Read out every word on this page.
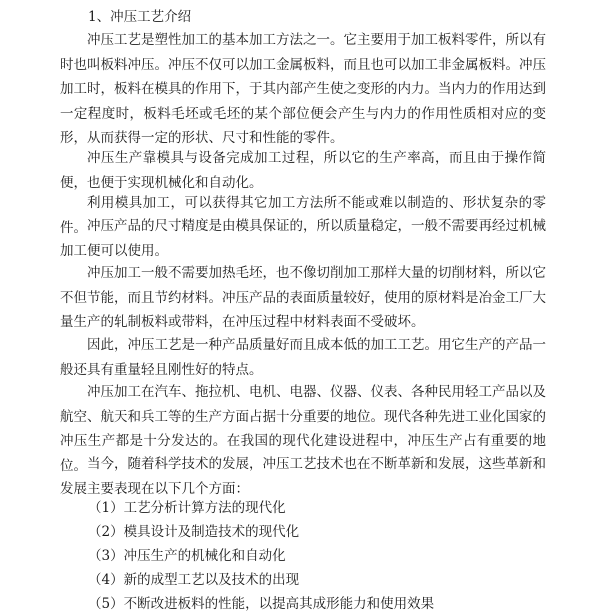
1、冲压工艺介绍

冲压工艺是塑性加工的基本加工方法之一。它主要用于加工板料零件，所以有时也叫板料冲压。冲压不仅可以加工金属板料，而且也可以加工非金属板料。冲压加工时，板料在模具的作用下，于其内部产生使之变形的内力。当内力的作用达到一定程度时，板料毛坯或毛坯的某个部位便会产生与内力的作用性质相对应的变形，从而获得一定的形状、尺寸和性能的零件。

冲压生产靠模具与设备完成加工过程，所以它的生产率高，而且由于操作简便，也便于实现机械化和自动化。

利用模具加工，可以获得其它加工方法所不能或难以制造的、形状复杂的零件。 冲压产品的尺寸精度是由模具保证的，所以质量稳定，一般不需要再经过机械加工便可以使用。

冲压加工一般不需要加热毛坯，也不像切削加工那样大量的切削材料，所以它不但节能，而且节约材料。冲压产品的表面质量较好，使用的原材料是冶金工厂大量生产的轧制板料或带料，在冲压过程中材料表面不受破坏。

因此，冲压工艺是一种产品质量好而且成本低的加工工艺。用它生产的产品一般还具有重量轻且刚性好的特点。

冲压加工在汽车、拖拉机、电机、电器、仪器、仪表、各种民用轻工产品以及航空、航天和兵工等的生产方面占据十分重要的地位。现代各种先进工业化国家的冲压生产都是十分发达的。在我国的现代化建设进程中，冲压生产占有重要的地位。 当今，随着科学技术的发展，冲压工艺技术也在不断革新和发展，这些革新和发展主要表现在以下几个方面：

（1）工艺分析计算方法的现代化
（2）模具设计及制造技术的现代化
（3）冲压生产的机械化和自动化
（4）新的成型工艺以及技术的出现
（5）不断改进板料的性能，以提高其成形能力和使用效果
